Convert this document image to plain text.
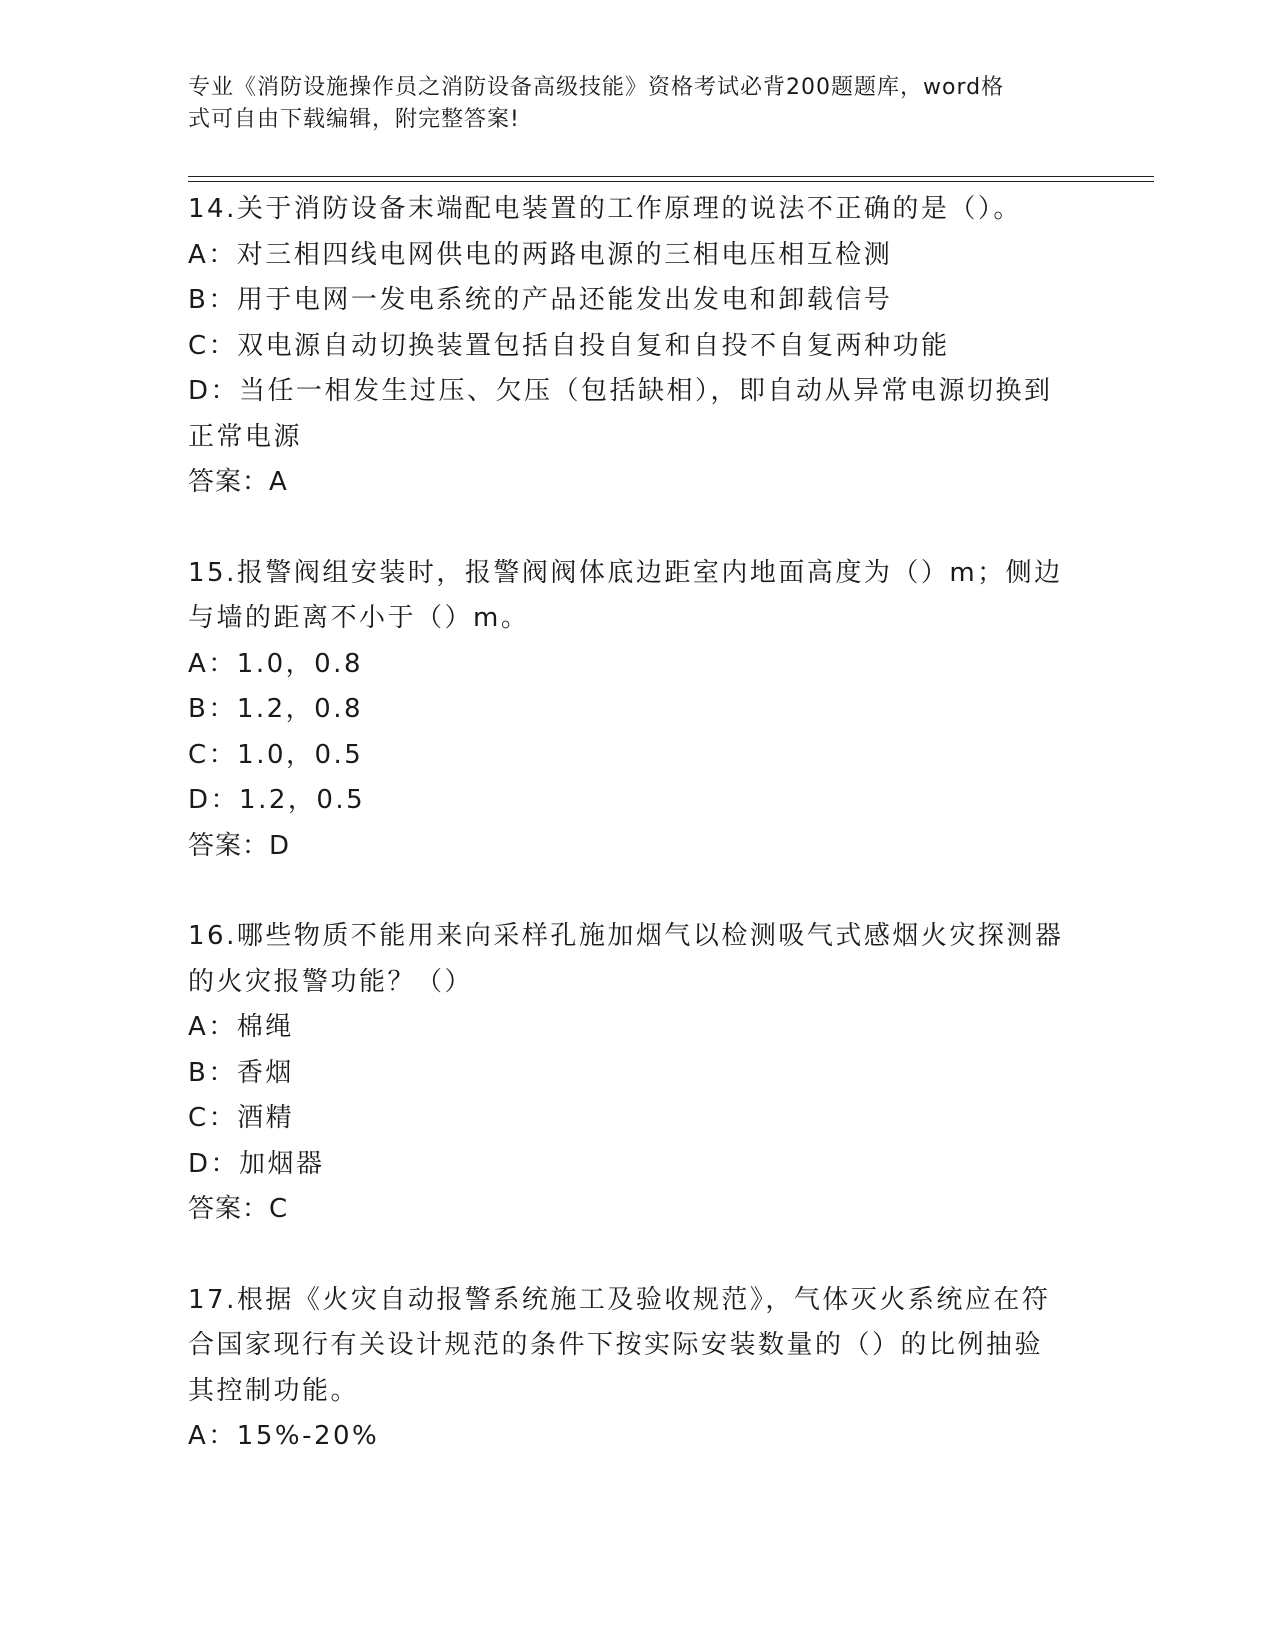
专业《消防设施操作员之消防设备高级技能》资格考试必背200题题库，word格
式可自由下载编辑，附完整答案!
14.关于消防设备末端配电装置的工作原理的说法不正确的是（）。
A：对三相四线电网供电的两路电源的三相电压相互检测
B：用于电网一发电系统的产品还能发出发电和卸载信号
C：双电源自动切换装置包括自投自复和自投不自复两种功能
D：当任一相发生过压、欠压（包括缺相），即自动从异常电源切换到
正常电源
答案：A
15.报警阀组安装时，报警阀阀体底边距室内地面高度为（）m；侧边
与墙的距离不小于（）m。
A：1.0，0.8
B：1.2，0.8
C：1.0，0.5
D：1.2，0.5
答案：D
16.哪些物质不能用来向采样孔施加烟气以检测吸气式感烟火灾探测器
的火灾报警功能？（）
A：棉绳
B：香烟
C：酒精
D：加烟器
答案：C
17.根据《火灾自动报警系统施工及验收规范》，气体灭火系统应在符
合国家现行有关设计规范的条件下按实际安装数量的（）的比例抽验
其控制功能。
A：15%-20%
